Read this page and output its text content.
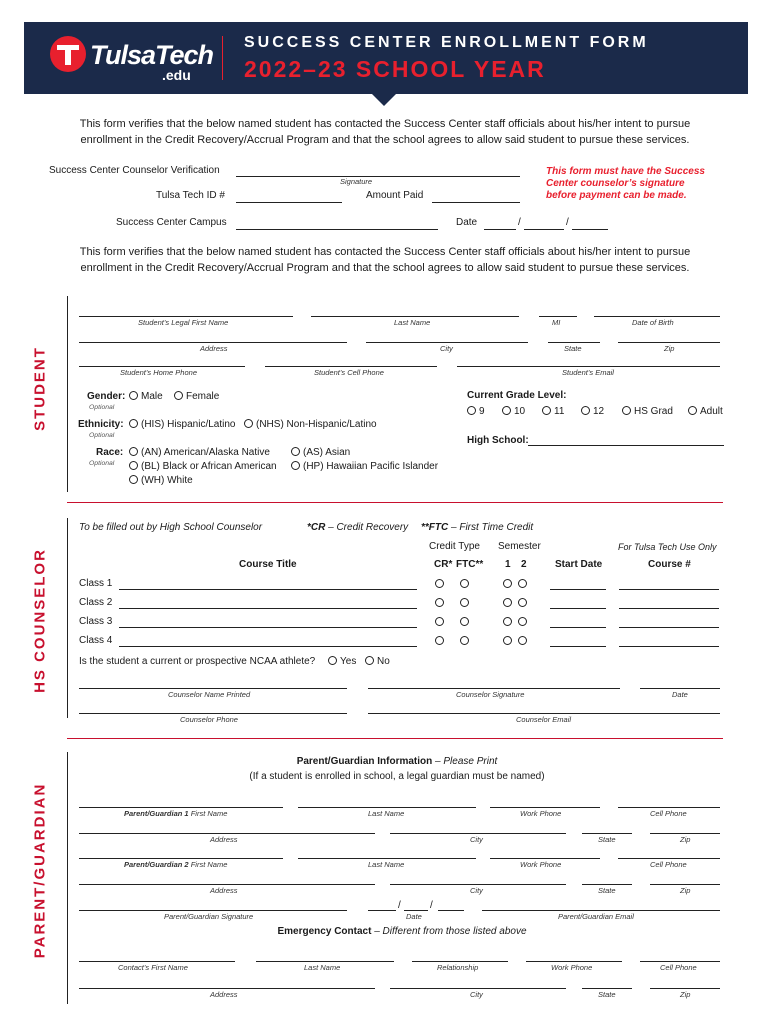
TulsaTech
.edu
SUCCESS CENTER ENROLLMENT FORM
2022–23 SCHOOL YEAR
This form verifies that the below named student has contacted the Success Center staff officials about his/her intent to pursue
enrollment in the Credit Recovery/Accrual Program and that the school agrees to allow said student to pursue these services.
Success Center Counselor Verification
Signature
Tulsa Tech ID #	Amount Paid
This form must have the Success Center counselor’s signature before payment can be made.
Success Center Campus	Date	/	/
This form verifies that the below named student has contacted the Success Center staff officials about his/her intent to pursue
enrollment in the Credit Recovery/Accrual Program and that the school agrees to allow said student to pursue these services.
STUDENT
Student’s Legal First Name	Last Name	MI	Date of Birth
Address	City	State	Zip
Student’s Home Phone	Student’s Cell Phone	Student’s Email
Gender:
Optional
Male	Female
Ethnicity:
Optional
(HIS) Hispanic/Latino	(NHS) Non-Hispanic/Latino
Race:
Optional
(AN) American/Alaska Native	(AS) Asian
(BL) Black or African American	(HP) Hawaiian Pacific Islander
(WH) White
Current Grade Level:
9	10	11	12	HS Grad	Adult
High School:
HS COUNSELOR
To be filled out by High School Counselor	*CR – Credit Recovery **FTC – First Time Credit
Credit Type Semester	For Tulsa Tech Use Only
Course Title	CR* FTC** 1 2	Start Date	Course #
Class 1
Class 2
Class 3
Class 4
Is the student a current or prospective NCAA athlete?	Yes	No
Counselor Name Printed	Counselor Signature	Date
Counselor Phone	Counselor Email
PARENT/GUARDIAN
Parent/Guardian Information – Please Print
(If a student is enrolled in school, a legal guardian must be named)
Parent/Guardian 1 First Name	Last Name	Work Phone	Cell Phone
Address	City	State	Zip
Parent/Guardian 2 First Name	Last Name	Work Phone	Cell Phone
Address	City	State	Zip
Parent/Guardian Signature
/	/
Date	Parent/Guardian Email
Emergency Contact – Different from those listed above
Contact’s First Name	Last Name	Relationship	Work Phone	Cell Phone
Address	City	State	Zip
